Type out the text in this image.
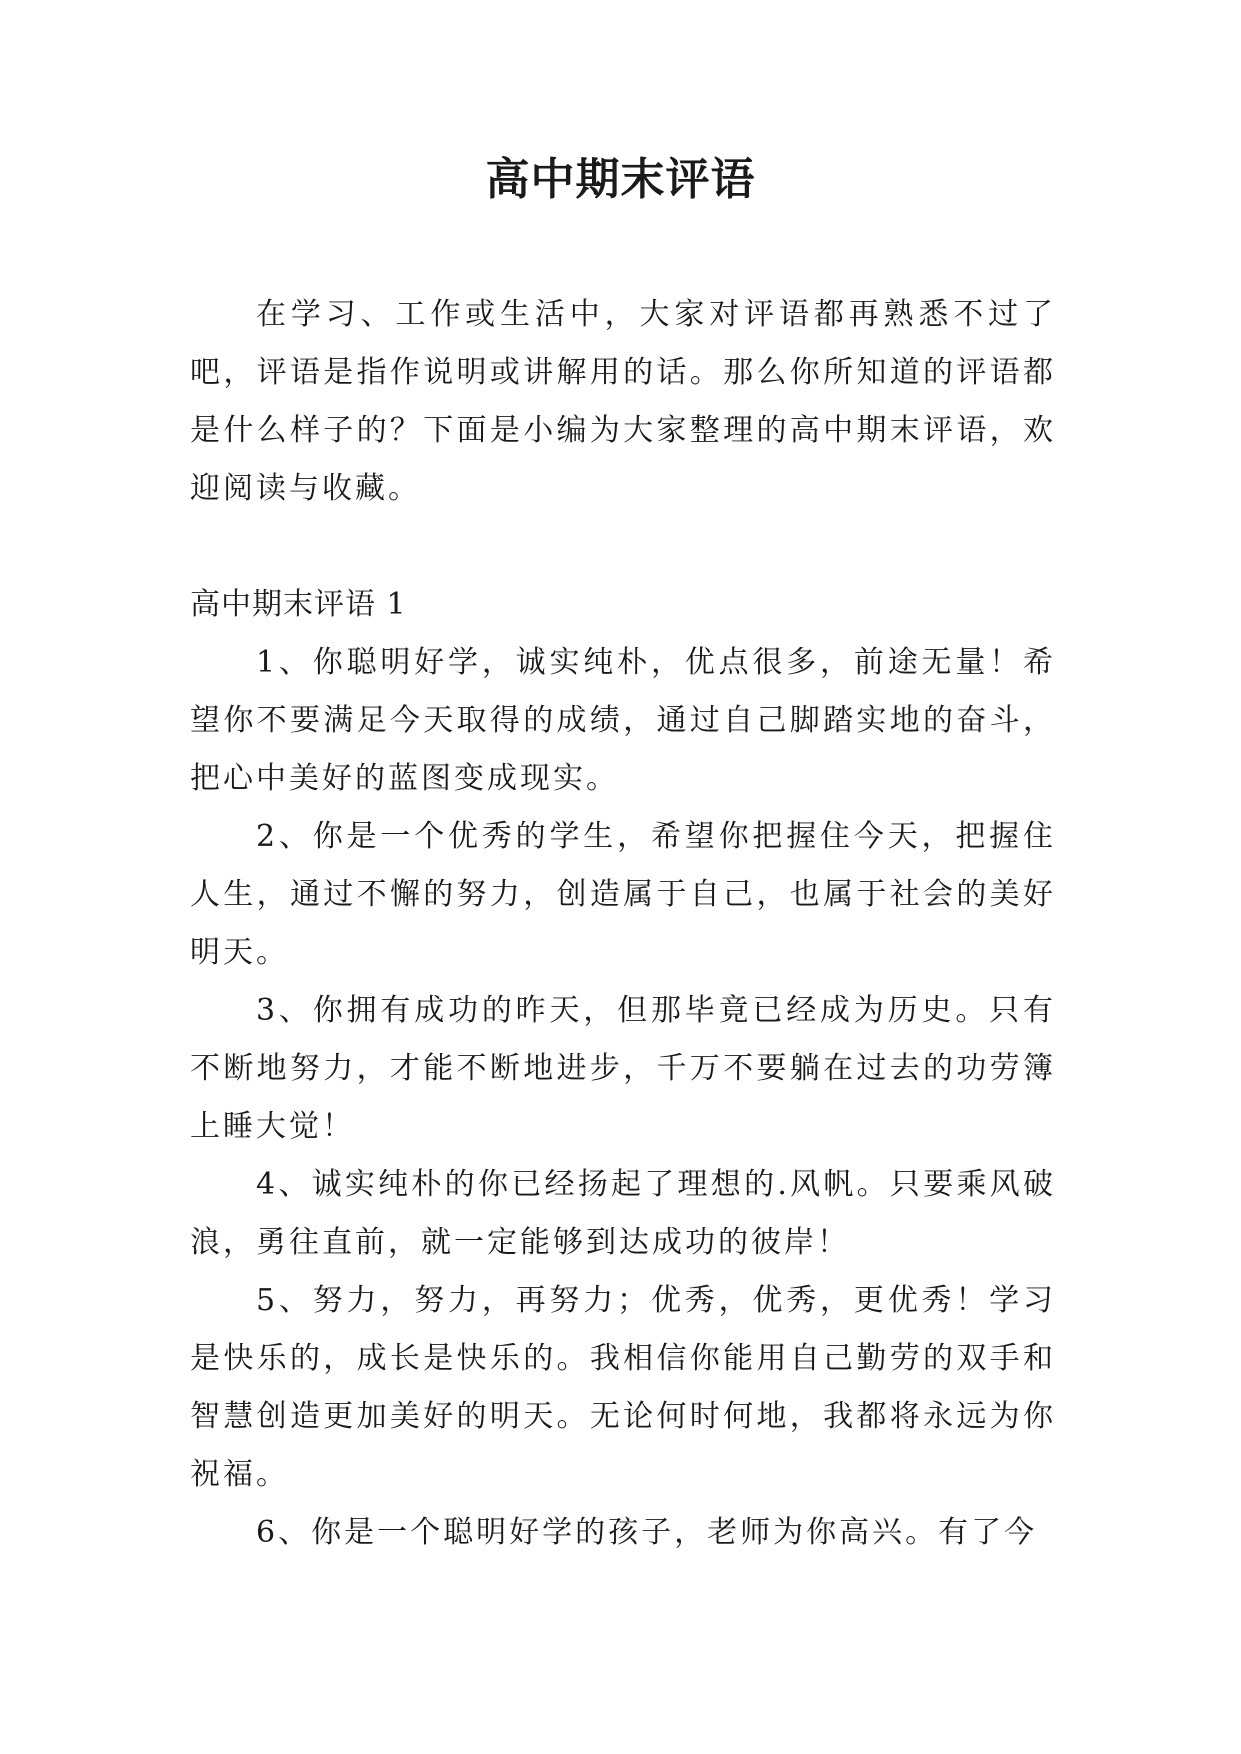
高中期末评语

在学习、工作或生活中，大家对评语都再熟悉不过了吧，评语是指作说明或讲解用的话。那么你所知道的评语都是什么样子的？下面是小编为大家整理的高中期末评语，欢迎阅读与收藏。

高中期末评语 1

1、你聪明好学，诚实纯朴，优点很多，前途无量！希望你不要满足今天取得的成绩，通过自己脚踏实地的奋斗，把心中美好的蓝图变成现实。

2、你是一个优秀的学生，希望你把握住今天，把握住人生，通过不懈的努力，创造属于自己，也属于社会的美好明天。

3、你拥有成功的昨天，但那毕竟已经成为历史。只有不断地努力，才能不断地进步，千万不要躺在过去的功劳簿上睡大觉！

4、诚实纯朴的你已经扬起了理想的.风帆。只要乘风破浪，勇往直前，就一定能够到达成功的彼岸！

5、努力，努力，再努力；优秀，优秀，更优秀！学习是快乐的，成长是快乐的。我相信你能用自己勤劳的双手和智慧创造更加美好的明天。无论何时何地，我都将永远为你祝福。

6、你是一个聪明好学的孩子，老师为你高兴。有了今
